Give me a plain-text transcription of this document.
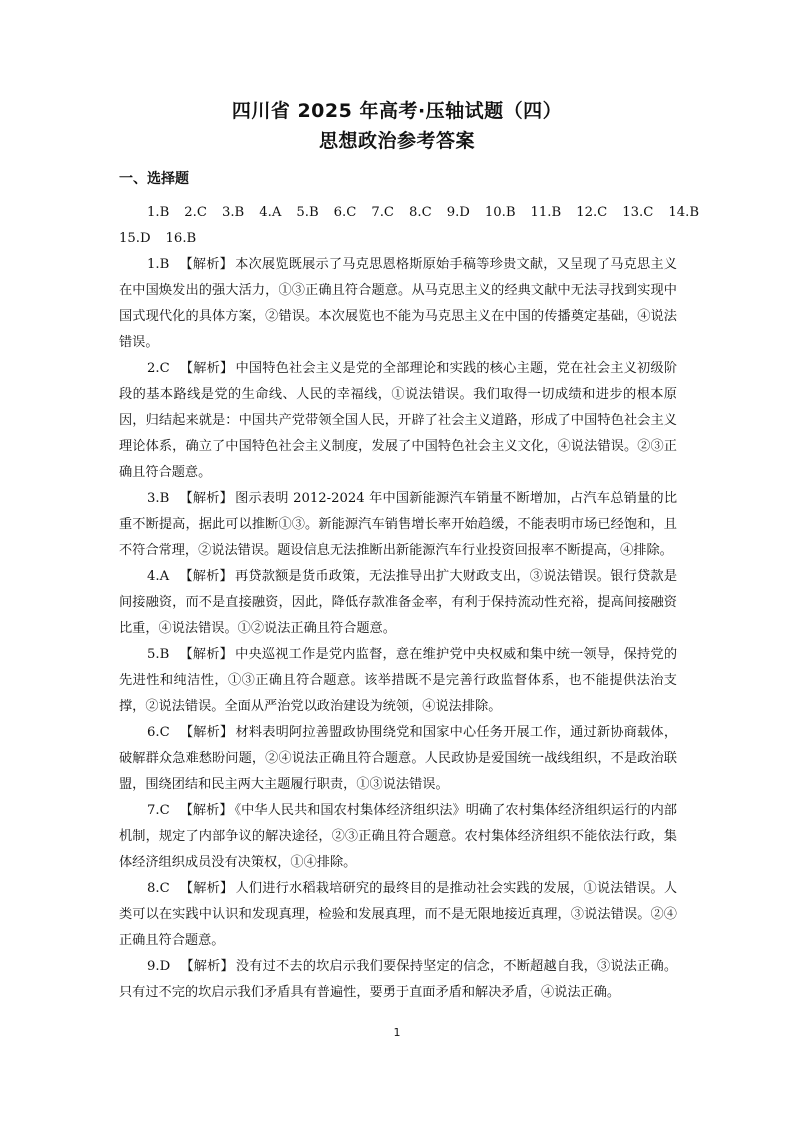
四川省 2025 年高考·压轴试题（四）
思想政治参考答案
一、选择题
1.B 2.C 3.B 4.A 5.B 6.C 7.C 8.C 9.D 10.B 11.B 12.C 13.C 14.B
15.D 16.B

1.B 【解析】 本次展览既展示了马克思恩格斯原始手稿等珍贵文献，又呈现了马克思主义在中国焕发出的强大活力，①③正确且符合题意。从马克思主义的经典文献中无法寻找到实现中国式现代化的具体方案，②错误。本次展览也不能为马克思主义在中国的传播奠定基础，④说法错误。

2.C 【解析】 中国特色社会主义是党的全部理论和实践的核心主题，党在社会主义初级阶段的基本路线是党的生命线、人民的幸福线，①说法错误。我们取得一切成绩和进步的根本原因，归结起来就是：中国共产党带领全国人民，开辟了社会主义道路，形成了中国特色社会主义理论体系，确立了中国特色社会主义制度，发展了中国特色社会主义文化，④说法错误。②③正确且符合题意。

3.B 【解析】 图示表明 2012-2024 年中国新能源汽车销量不断增加，占汽车总销量的比重不断提高，据此可以推断①③。新能源汽车销售增长率开始趋缓，不能表明市场已经饱和，且不符合常理，②说法错误。题设信息无法推断出新能源汽车行业投资回报率不断提高，④排除。

4.A 【解析】 再贷款额是货币政策，无法推导出扩大财政支出，③说法错误。银行贷款是间接融资，而不是直接融资，因此，降低存款准备金率，有利于保持流动性充裕，提高间接融资比重，④说法错误。①②说法正确且符合题意。

5.B 【解析】 中央巡视工作是党内监督，意在维护党中央权威和集中统一领导，保持党的先进性和纯洁性，①③正确且符合题意。该举措既不是完善行政监督体系，也不能提供法治支撑，②说法错误。全面从严治党以政治建设为统领，④说法排除。

6.C 【解析】 材料表明阿拉善盟政协围绕党和国家中心任务开展工作，通过新协商载体，破解群众急难愁盼问题，②④说法正确且符合题意。人民政协是爱国统一战线组织，不是政治联盟，围绕团结和民主两大主题履行职责，①③说法错误。

7.C 【解析】 《中华人民共和国农村集体经济组织法》明确了农村集体经济组织运行的内部机制，规定了内部争议的解决途径，②③正确且符合题意。农村集体经济组织不能依法行政，集体经济组织成员没有决策权，①④排除。

8.C 【解析】 人们进行水稻栽培研究的最终目的是推动社会实践的发展，①说法错误。人类可以在实践中认识和发现真理，检验和发展真理，而不是无限地接近真理，③说法错误。②④正确且符合题意。

9.D 【解析】 没有过不去的坎启示我们要保持坚定的信念，不断超越自我，③说法正确。只有过不完的坎启示我们矛盾具有普遍性，要勇于直面矛盾和解决矛盾，④说法正确。

1
